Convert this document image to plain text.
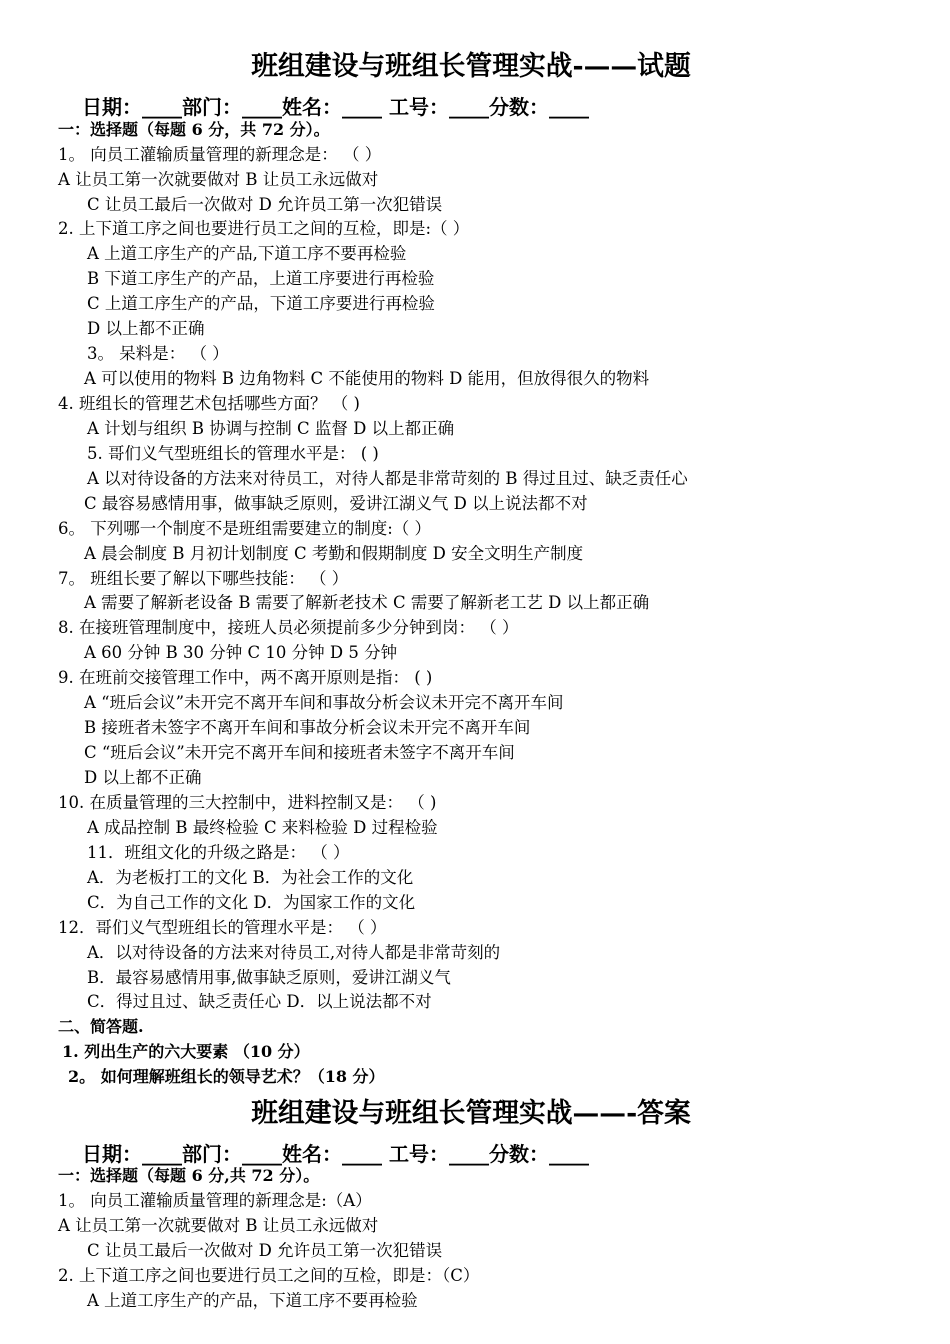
班组建设与班组长管理实战-——试题
日期：____部门：____姓名：____ 工号：____分数：____
一：选择题（每题 6 分，共 72 分）。
1。 向员工灌输质量管理的新理念是： （ ）
A 让员工第一次就要做对 B 让员工永远做对
C 让员工最后一次做对 D 允许员工第一次犯错误
2. 上下道工序之间也要进行员工之间的互检，即是:（ ）
A 上道工序生产的产品,下道工序不要再检验
B 下道工序生产的产品，上道工序要进行再检验
C 上道工序生产的产品，下道工序要进行再检验
D 以上都不正确
3。 呆料是： （ ）
A 可以使用的物料 B 边角物料 C 不能使用的物料 D 能用，但放得很久的物料
4. 班组长的管理艺术包括哪些方面？ （ )
A 计划与组织 B 协调与控制 C 监督 D 以上都正确
5. 哥们义气型班组长的管理水平是： ( )
A 以对待设备的方法来对待员工，对待人都是非常苛刻的 B 得过且过、缺乏责任心
C 最容易感情用事，做事缺乏原则，爱讲江湖义气 D 以上说法都不对
6。 下列哪一个制度不是班组需要建立的制度:（ ）
A 晨会制度 B 月初计划制度 C 考勤和假期制度 D 安全文明生产制度
7。 班组长要了解以下哪些技能： （ ）
A 需要了解新老设备 B 需要了解新老技术 C 需要了解新老工艺 D 以上都正确
8. 在接班管理制度中，接班人员必须提前多少分钟到岗： （ ）
A 60 分钟 B 30 分钟 C 10 分钟 D 5 分钟
9. 在班前交接管理工作中，两不离开原则是指： ( )
A “班后会议”未开完不离开车间和事故分析会议未开完不离开车间
B 接班者未签字不离开车间和事故分析会议未开完不离开车间
C “班后会议”未开完不离开车间和接班者未签字不离开车间
D 以上都不正确
10. 在质量管理的三大控制中，进料控制又是： （ )
A 成品控制 B 最终检验 C 来料检验 D 过程检验
11．班组文化的升级之路是： （ ）
A．为老板打工的文化 B．为社会工作的文化
C．为自己工作的文化 D．为国家工作的文化
12．哥们义气型班组长的管理水平是： （ ）
A．以对待设备的方法来对待员工,对待人都是非常苛刻的
B．最容易感情用事,做事缺乏原则，爱讲江湖义气
C．得过且过、缺乏责任心 D．以上说法都不对
二、简答题.
1. 列出生产的六大要素 （10 分）
2。 如何理解班组长的领导艺术？（18 分）
班组建设与班组长管理实战——-答案
日期：____部门：____姓名：____ 工号：____分数：____
一：选择题（每题 6 分,共 72 分）。
1。 向员工灌输质量管理的新理念是:（A）
A 让员工第一次就要做对 B 让员工永远做对
C 让员工最后一次做对 D 允许员工第一次犯错误
2. 上下道工序之间也要进行员工之间的互检，即是：（C）
A 上道工序生产的产品，下道工序不要再检验
